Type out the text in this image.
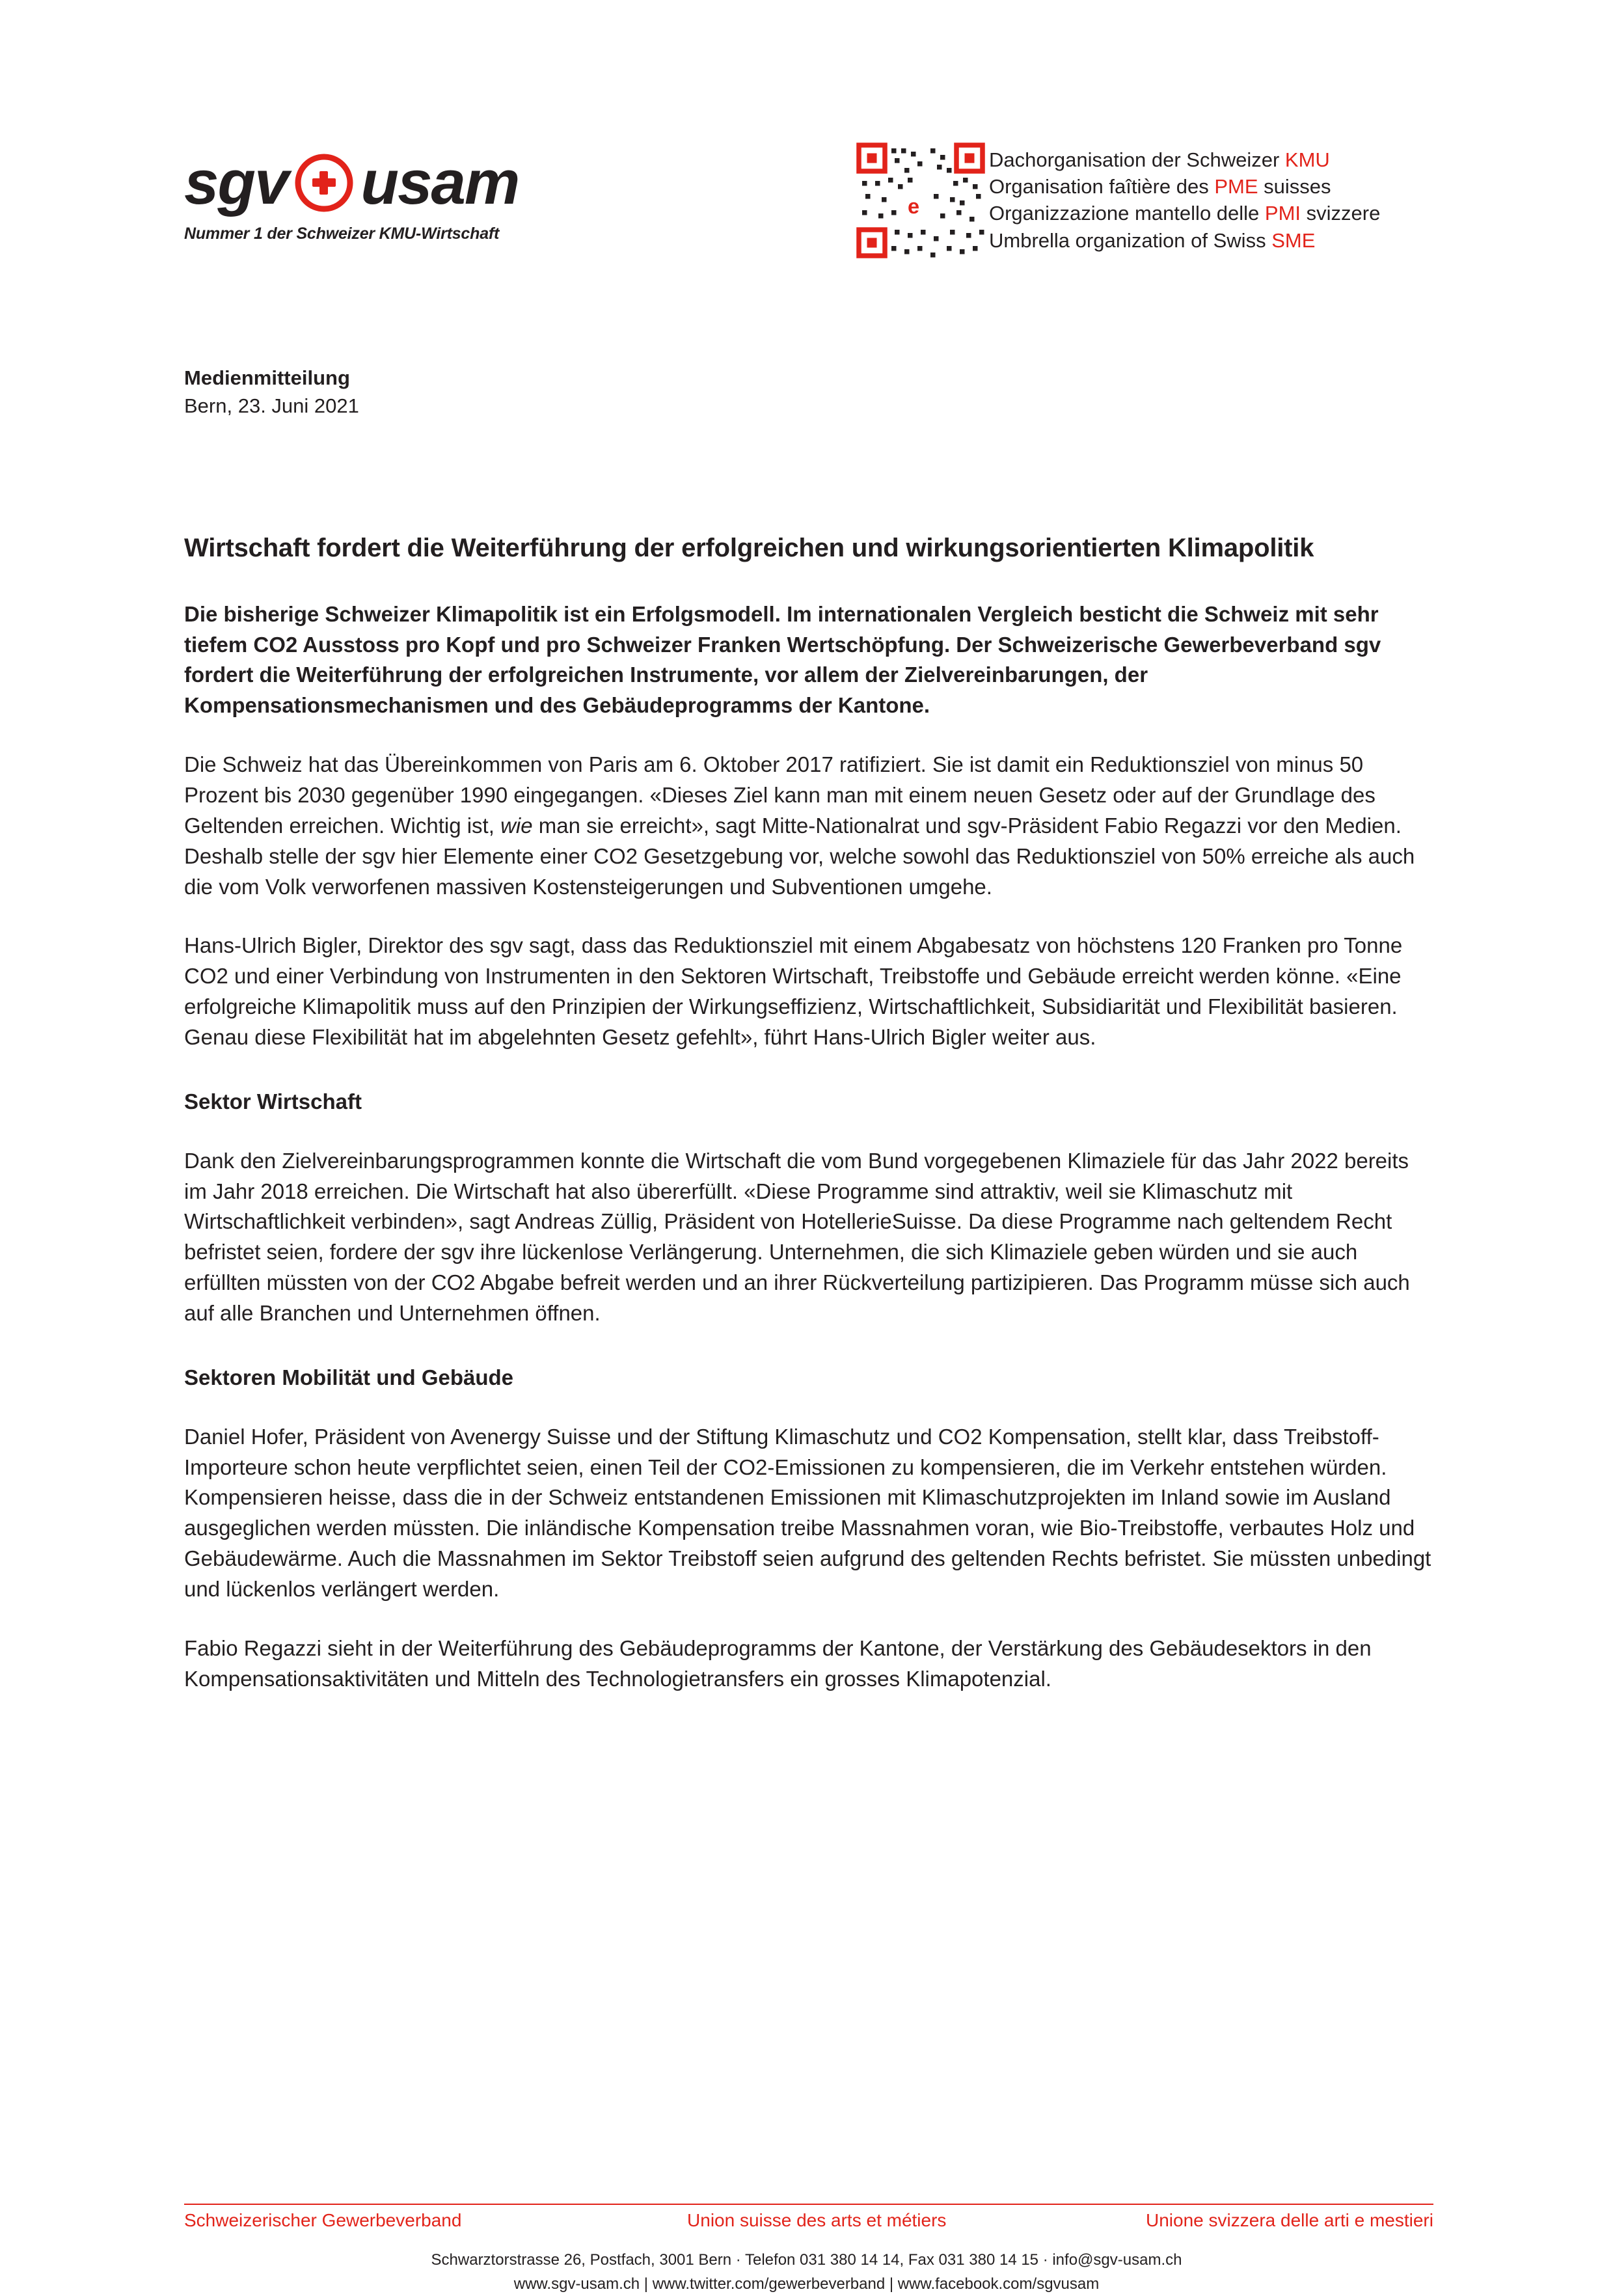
sgv usam
Nummer 1 der Schweizer KMU-Wirtschaft
e
Dachorganisation der Schweizer KMU
Organisation faîtière des PME suisses
Organizzazione mantello delle PMI svizzere
Umbrella organization of Swiss SME
Medienmitteilung
Bern, 23. Juni 2021
Wirtschaft fordert die Weiterführung der erfolgreichen und wirkungsorientierten Klimapolitik

Die bisherige Schweizer Klimapolitik ist ein Erfolgsmodell. Im internationalen Vergleich besticht die Schweiz mit sehr tiefem CO2 Ausstoss pro Kopf und pro Schweizer Franken Wertschöpfung. Der Schweizerische Gewerbeverband sgv fordert die Weiterführung der erfolgreichen Instrumente, vor allem der Zielvereinbarungen, der Kompensationsmechanismen und des Gebäudeprogramms der Kantone.

Die Schweiz hat das Übereinkommen von Paris am 6. Oktober 2017 ratifiziert. Sie ist damit ein Reduktionsziel von minus 50 Prozent bis 2030 gegenüber 1990 eingegangen. «Dieses Ziel kann man mit einem neuen Gesetz oder auf der Grundlage des Geltenden erreichen. Wichtig ist, wie man sie erreicht», sagt Mitte-Nationalrat und sgv-Präsident Fabio Regazzi vor den Medien. Deshalb stelle der sgv hier Elemente einer CO2 Gesetzgebung vor, welche sowohl das Reduktionsziel von 50% erreiche als auch die vom Volk verworfenen massiven Kostensteigerungen und Subventionen umgehe.

Hans-Ulrich Bigler, Direktor des sgv sagt, dass das Reduktionsziel mit einem Abgabesatz von höchstens 120 Franken pro Tonne CO2 und einer Verbindung von Instrumenten in den Sektoren Wirtschaft, Treibstoffe und Gebäude erreicht werden könne. «Eine erfolgreiche Klimapolitik muss auf den Prinzipien der Wirkungseffizienz, Wirtschaftlichkeit, Subsidiarität und Flexibilität basieren. Genau diese Flexibilität hat im abgelehnten Gesetz gefehlt», führt Hans-Ulrich Bigler weiter aus.

Sektor Wirtschaft

Dank den Zielvereinbarungsprogrammen konnte die Wirtschaft die vom Bund vorgegebenen Klimaziele für das Jahr 2022 bereits im Jahr 2018 erreichen. Die Wirtschaft hat also übererfüllt. «Diese Programme sind attraktiv, weil sie Klimaschutz mit Wirtschaftlichkeit verbinden», sagt Andreas Züllig, Präsident von HotellerieSuisse. Da diese Programme nach geltendem Recht befristet seien, fordere der sgv ihre lückenlose Verlängerung. Unternehmen, die sich Klimaziele geben würden und sie auch erfüllten müssten von der CO2 Abgabe befreit werden und an ihrer Rückverteilung partizipieren. Das Programm müsse sich auch auf alle Branchen und Unternehmen öffnen.

Sektoren Mobilität und Gebäude

Daniel Hofer, Präsident von Avenergy Suisse und der Stiftung Klimaschutz und CO2 Kompensation, stellt klar, dass Treibstoff-Importeure schon heute verpflichtet seien, einen Teil der CO2-Emissionen zu kompensieren, die im Verkehr entstehen würden. Kompensieren heisse, dass die in der Schweiz entstandenen Emissionen mit Klimaschutzprojekten im Inland sowie im Ausland ausgeglichen werden müssten. Die inländische Kompensation treibe Massnahmen voran, wie Bio-Treibstoffe, verbautes Holz und Gebäudewärme. Auch die Massnahmen im Sektor Treibstoff seien aufgrund des geltenden Rechts befristet. Sie müssten unbedingt und lückenlos verlängert werden.

Fabio Regazzi sieht in der Weiterführung des Gebäudeprogramms der Kantone, der Verstärkung des Gebäudesektors in den Kompensationsaktivitäten und Mitteln des Technologietransfers ein grosses Klimapotenzial.

Schweizerischer Gewerbeverband	Union suisse des arts et métiers	Unione svizzera delle arti e mestieri
Schwarztorstrasse 26, Postfach, 3001 Bern · Telefon 031 380 14 14, Fax 031 380 14 15 · info@sgv-usam.ch
www.sgv-usam.ch | www.twitter.com/gewerbeverband | www.facebook.com/sgvusam
